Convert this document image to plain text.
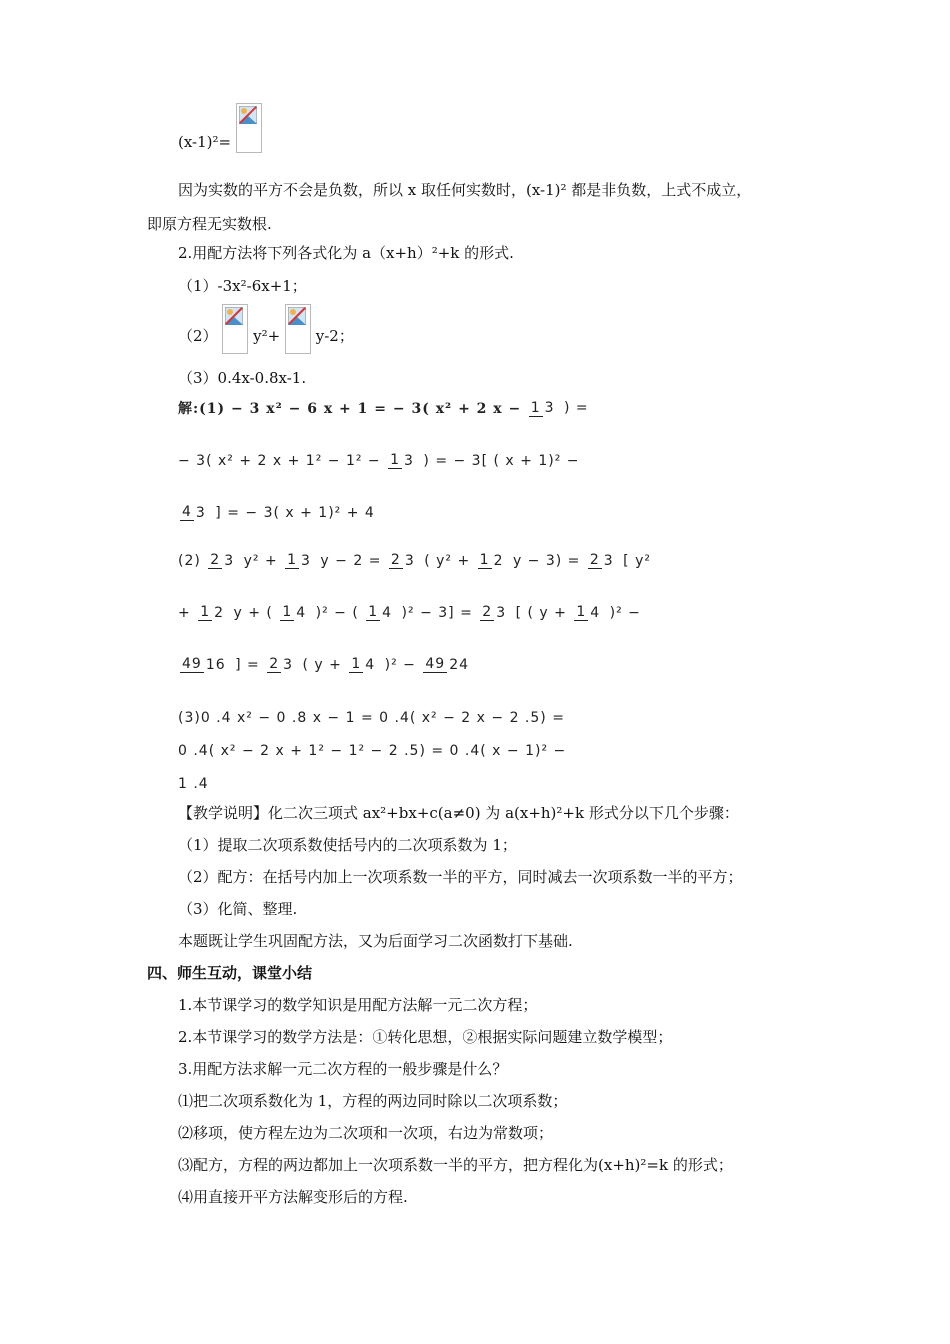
(x-1)²=
因为实数的平方不会是负数，所以 x 取任何实数时，(x-1)² 都是非负数，上式不成立，
即原方程无实数根.
2.用配方法将下列各式化为 a（x+h）²+k 的形式.
（1）-3x²-6x+1；
（2） y²+ y-2；
（3）0.4x-0.8x-1.
解:(1) − 3 x² − 6 x + 1 = − 3( x² + 2 x − 1 3 ) =
− 3( x² + 2 x + 1² − 1² − 1 3 ) = − 3[ ( x + 1)² −
4 3 ] = − 3( x + 1)² + 4
(2) 2 3 y² + 1 3 y − 2 = 2 3 ( y² + 1 2 y − 3) = 2 3 [ y²
+ 1 2 y + ( 1 4 )² − ( 1 4 )² − 3] = 2 3 [ ( y + 1 4 )² −
49 16 ] = 2 3 ( y + 1 4 )² − 49 24
(3)0 .4 x² − 0 .8 x − 1 = 0 .4( x² − 2 x − 2 .5) =
0 .4( x² − 2 x + 1² − 1² − 2 .5) = 0 .4( x − 1)² −
1 .4
【教学说明】化二次三项式 ax²+bx+c(a≠0) 为 a(x+h)²+k 形式分以下几个步骤：
（1）提取二次项系数使括号内的二次项系数为 1；
（2）配方：在括号内加上一次项系数一半的平方，同时减去一次项系数一半的平方；
（3）化简、整理.
本题既让学生巩固配方法，又为后面学习二次函数打下基础.
四、师生互动，课堂小结
1.本节课学习的数学知识是用配方法解一元二次方程；
2.本节课学习的数学方法是：①转化思想，②根据实际问题建立数学模型；
3.用配方法求解一元二次方程的一般步骤是什么？
⑴把二次项系数化为 1，方程的两边同时除以二次项系数；
⑵移项，使方程左边为二次项和一次项，右边为常数项；
⑶配方，方程的两边都加上一次项系数一半的平方，把方程化为(x+h)²=k 的形式；
⑷用直接开平方法解变形后的方程.
